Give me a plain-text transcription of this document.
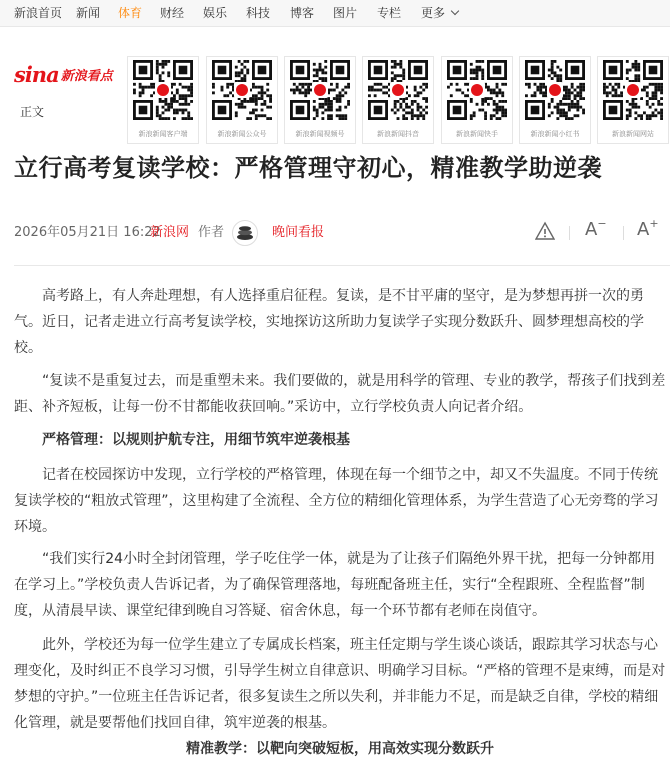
新浪首页 新闻 体育 财经 娱乐 科技 博客 图片 专栏 更多
sina 新浪看点
正文
新浪新闻客户端	新浪新闻公众号	新浪新闻视频号	新浪新闻抖音	新浪新闻快手	新浪新闻小红书	新浪新闻网站
立行高考复读学校：严格管理守初心，精准教学助逆袭
2026年05月21日 16:22
新浪网 作者	晚间看报	A− A+

高考路上，有人奔赴理想，有人选择重启征程。复读，是不甘平庸的坚守，是为梦想再拼一次的勇气。近日，记者走进立行高考复读学校，实地探访这所助力复读学子实现分数跃升、圆梦理想高校的学校。

“复读不是重复过去，而是重塑未来。我们要做的，就是用科学的管理、专业的教学，帮孩子们找到差距、补齐短板，让每一份不甘都能收获回响。”采访中，立行学校负责人向记者介绍。

严格管理：以规则护航专注，用细节筑牢逆袭根基

记者在校园探访中发现，立行学校的严格管理，体现在每一个细节之中，却又不失温度。不同于传统复读学校的“粗放式管理”，这里构建了全流程、全方位的精细化管理体系，为学生营造了心无旁骛的学习环境。

“我们实行24小时全封闭管理，学子吃住学一体，就是为了让孩子们隔绝外界干扰，把每一分钟都用在学习上。”学校负责人告诉记者，为了确保管理落地，每班配备班主任，实行“全程跟班、全程监督”制度，从清晨早读、课堂纪律到晚自习答疑、宿舍休息，每一个环节都有老师在岗值守。

此外，学校还为每一位学生建立了专属成长档案，班主任定期与学生谈心谈话，跟踪其学习状态与心理变化，及时纠正不良学习习惯，引导学生树立自律意识、明确学习目标。“严格的管理不是束缚，而是对梦想的守护。”一位班主任告诉记者，很多复读生之所以失利，并非能力不足，而是缺乏自律，学校的精细化管理，就是要帮他们找回自律，筑牢逆袭的根基。

精准教学：以靶向突破短板，用高效实现分数跃升
